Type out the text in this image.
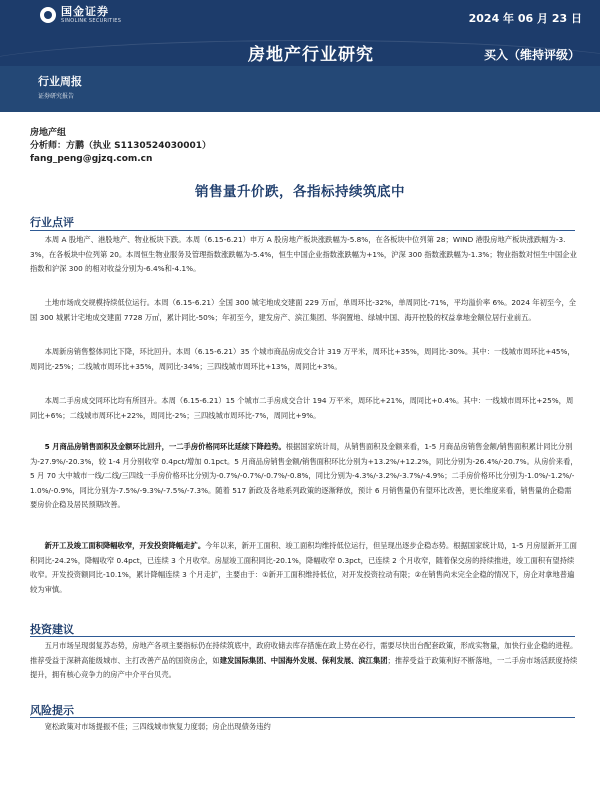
国金证券
SINOLINK SECURITIES	2024 年 06 月 23 日
房地产行业研究	买入（维持评级）
行业周报
证券研究报告
房地产组
分析师：方鹏（执业 S1130524030001）
fang_peng@gjzq.com.cn
销售量升价跌，各指标持续筑底中
行业点评
本周 A 股地产、港股地产、物业板块下跌。本周（6.15-6.21）申万 A 股房地产板块涨跌幅为-5.8%，在各板块中位列第 28；WIND 港股房地产板块涨跌幅为-3.3%，在各板块中位列第 20。本周恒生物业服务及管理指数涨跌幅为-5.4%，恒生中国企业指数涨跌幅为+1%，沪深 300 指数涨跌幅为-1.3%；物业指数对恒生中国企业指数和沪深 300 的相对收益分别为-6.4%和-4.1%。
土地市场成交规模持续低位运行。本周（6.15-6.21）全国 300 城宅地成交建面 229 万㎡，单周环比-32%，单周同比-71%，平均溢价率 6%。2024 年初至今，全国 300 城累计宅地成交建面 7728 万㎡，累计同比-50%；年初至今，建发房产、滨江集团、华润置地、绿城中国、海开控股的权益拿地金额位居行业前五。
本周新房销售整体同比下降，环比回升。本周（6.15-6.21）35 个城市商品房成交合计 319 万平米，周环比+35%，周同比-30%。其中：一线城市周环比+45%，周同比-25%；二线城市周环比+35%，周同比-34%；三四线城市周环比+13%，周同比+3%。
本周二手房成交同环比均有所回升。本周（6.15-6.21）15 个城市二手房成交合计 194 万平米，周环比+21%，周同比+0.4%。其中：一线城市周环比+25%，周同比+6%；二线城市周环比+22%，周同比-2%；三四线城市周环比-7%，周同比+9%。
5 月商品房销售面积及金额环比回升，一二手房价格同环比延续下降趋势。根据国家统计局，从销售面积及金额来看，1-5 月商品房销售金额/销售面积累计同比分别为-27.9%/-20.3%，较 1-4 月分别收窄 0.4pct/增加 0.1pct。5 月商品房销售金额/销售面积环比分别为+13.2%/+12.2%，同比分别为-26.4%/-20.7%。从房价来看，5 月 70 大中城市一线/二线/三四线一手房价格环比分别为-0.7%/-0.7%/-0.7%/-0.8%，同比分别为-4.3%/-3.2%/-3.7%/-4.9%；二手房价格环比分别为-1.0%/-1.2%/-1.0%/-0.9%，同比分别为-7.5%/-9.3%/-7.5%/-7.3%。随着 517 新政及各地系列政策的逐渐释放，预计 6 月销售量仍有望环比改善，更长维度来看，销售量的企稳需要房价企稳及居民预期改善。
新开工及竣工面积降幅收窄，开发投资降幅走扩。今年以来，新开工面积、竣工面积均维持低位运行，但呈现出逐步企稳态势。根据国家统计局，1-5 月房屋新开工面积同比-24.2%，降幅收窄 0.4pct，已连续 3 个月收窄。房屋竣工面积同比-20.1%，降幅收窄 0.3pct，已连续 2 个月收窄，随着保交房的持续推进，竣工面积有望持续收窄。开发投资额同比-10.1%，累计降幅连续 3 个月走扩，主要由于：①新开工面积维持低位，对开发投资拉动有限；②在销售尚未完全企稳的情况下，房企对拿地普遍较为审慎。
投资建议
五月市场呈现弱复苏态势，房地产各项主要指标仍在持续筑底中，政府收储去库存措施在政上势在必行，需要尽快出台配套政策，形成实物量，加快行业企稳的进程。推荐受益于深耕高能级城市、主打改善产品的国资房企，如建发国际集团、中国海外发展、保利发展、滨江集团；推荐受益于政策利好不断落地，一二手房市场活跃度持续提升，拥有核心竞争力的房产中介平台贝壳。
风险提示
宽松政策对市场提振不佳；三四线城市恢复力度弱；房企出现债务违约
